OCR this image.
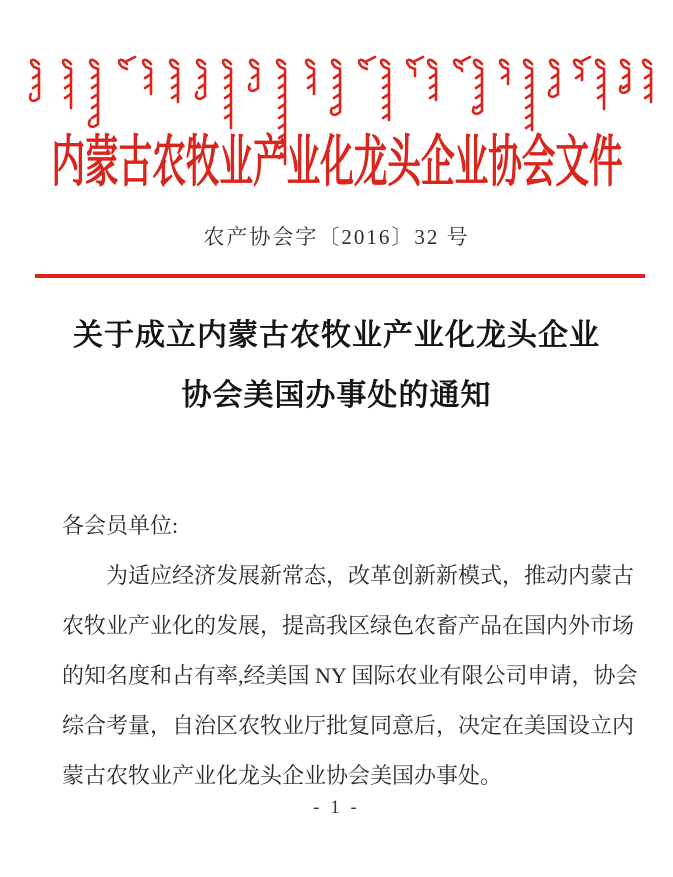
内蒙古农牧业产业化龙头企业协会文件
农产协会字〔2016〕32 号
关于成立内蒙古农牧业产业化龙头企业
协会美国办事处的通知
各会员单位:
为适应经济发展新常态，改革创新新模式，推动内蒙古
农牧业产业化的发展，提高我区绿色农畜产品在国内外市场
的知名度和占有率,经美国 NY 国际农业有限公司申请，协会
综合考量，自治区农牧业厅批复同意后，决定在美国设立内
蒙古农牧业产业化龙头企业协会美国办事处。
- 1 -
